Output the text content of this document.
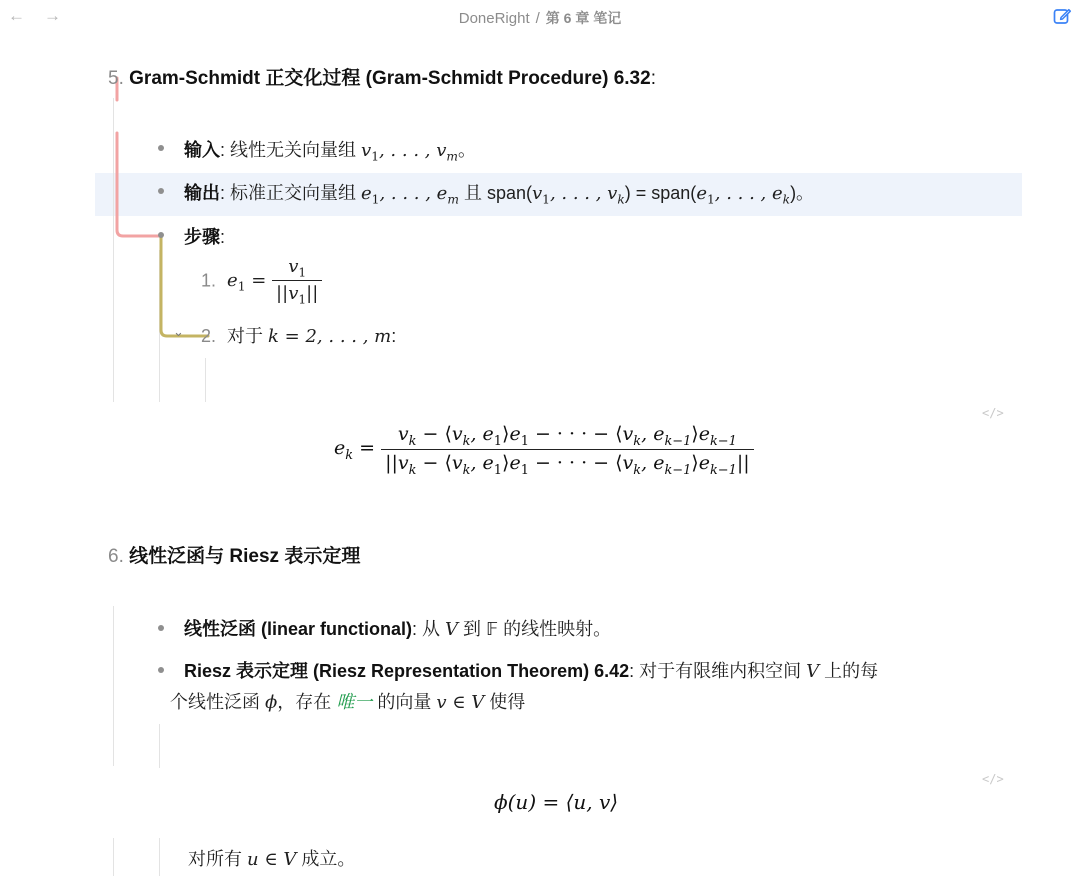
← →	DoneRight / 第 6 章 笔记
5. Gram-Schmidt 正交化过程 (Gram-Schmidt Procedure) 6.32:
输入: 线性无关向量组 $v_1$, . . . , $v_m$。
输出: 标准正交向量组 $e_1$, . . . , $e_m$ 且 $span(v_1$, . . . , $v_k$) = $span(e_1$, . . . , $e_k$)。
步骤:
1. $e_1 = \frac{v_1}{||v_1||}$
⌄ 2. 对于 k = 2, . . . , m:
</>
$e_k = \frac{v_k - ⟨v_k, e_1⟩e_1 - \cdot \cdot \cdot - ⟨v_k, e_{k-1}⟩e_{k-1}}{||v_k - ⟨v_k, e_1⟩e_1 - \cdot \cdot \cdot - ⟨v_k, e_{k-1}⟩e_{k-1}||}$
6. 线性泛函与 Riesz 表示定理
线性泛函 (linear functional): 从 V 到 𝔽 的线性映射。
Riesz 表示定理 (Riesz Representation Theorem) 6.42: 对于有限维内积空间 V 上的每
个线性泛函 ϕ，存在 唯一 的向量 v ∈ V 使得
</>
ϕ(u) = ⟨u, v⟩
对所有 u ∈ V 成立。
